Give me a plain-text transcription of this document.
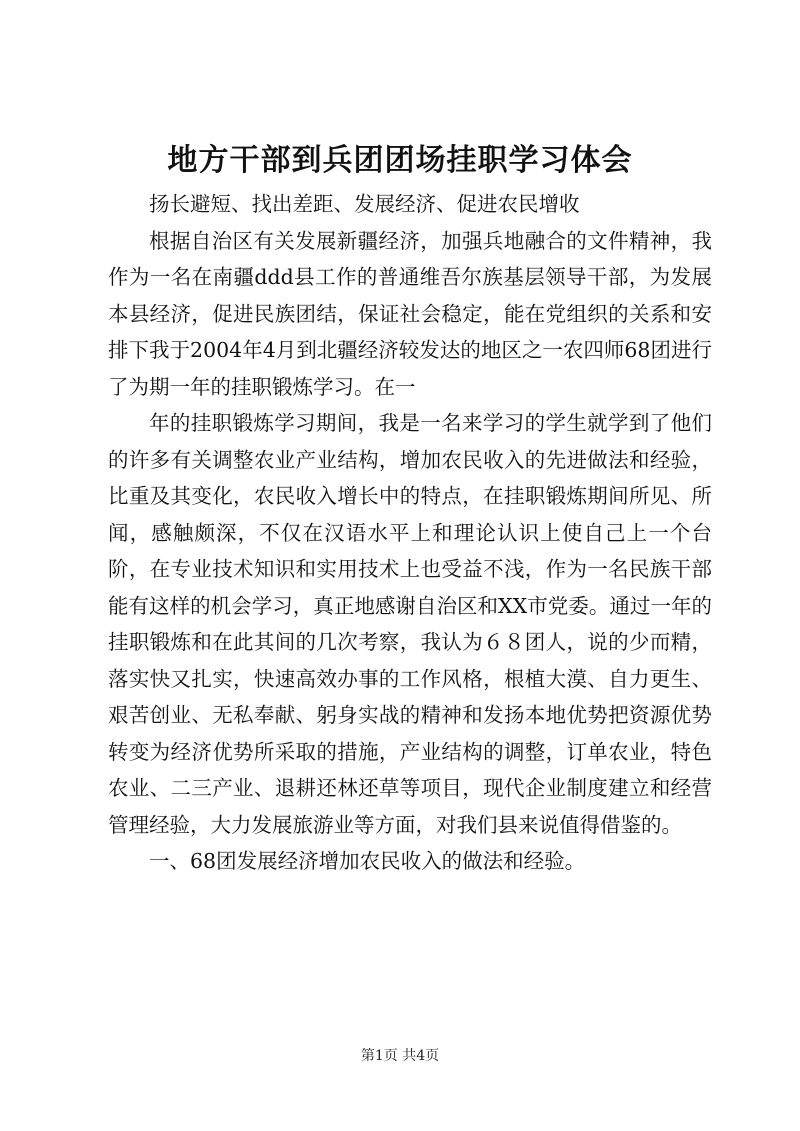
地方干部到兵团团场挂职学习体会

扬长避短、找出差距、发展经济、促进农民增收

根据自治区有关发展新疆经济，加强兵地融合的文件精神，我作为一名在南疆ddd县工作的普通维吾尔族基层领导干部，为发展本县经济，促进民族团结，保证社会稳定，能在党组织的关系和安排下我于2004年4月到北疆经济较发达的地区之一农四师68团进行了为期一年的挂职锻炼学习。在一

年的挂职锻炼学习期间，我是一名来学习的学生就学到了他们的许多有关调整农业产业结构，增加农民收入的先进做法和经验，比重及其变化，农民收入增长中的特点，在挂职锻炼期间所见、所闻，感触颇深，不仅在汉语水平上和理论认识上使自己上一个台阶，在专业技术知识和实用技术上也受益不浅，作为一名民族干部能有这样的机会学习，真正地感谢自治区和XX市党委。通过一年的挂职锻炼和在此其间的几次考察，我认为６８团人，说的少而精，落实快又扎实，快速高效办事的工作风格，根植大漠、自力更生、艰苦创业、无私奉献、躬身实战的精神和发扬本地优势把资源优势转变为经济优势所采取的措施，产业结构的调整，订单农业，特色农业、二三产业、退耕还林还草等项目，现代企业制度建立和经营管理经验，大力发展旅游业等方面，对我们县来说值得借鉴的。

一、68团发展经济增加农民收入的做法和经验。

第1页 共4页
